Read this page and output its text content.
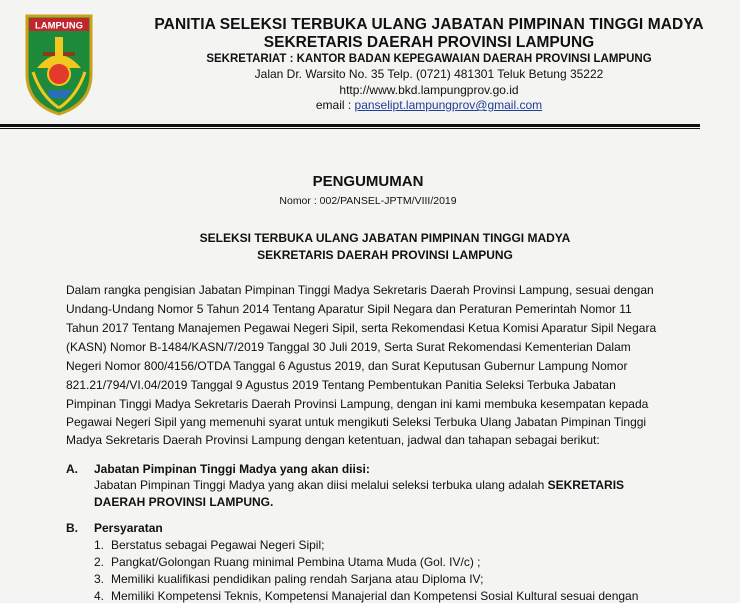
LAMPUNG	PANITIA SELEKSI TERBUKA ULANG JABATAN PIMPINAN TINGGI MADYA
SEKRETARIS DAERAH PROVINSI LAMPUNG
SEKRETARIAT : KANTOR BADAN KEPEGAWAIAN DAERAH PROVINSI LAMPUNG
Jalan Dr. Warsito No. 35 Telp. (0721) 481301 Teluk Betung 35222
http://www.bkd.lampungprov.go.id
email : panselipt.lampungprov@gmail.com
PENGUMUMAN
Nomor : 002/PANSEL-JPTM/VIII/2019
SELEKSI TERBUKA ULANG JABATAN PIMPINAN TINGGI MADYA
SEKRETARIS DAERAH PROVINSI LAMPUNG
Dalam rangka pengisian Jabatan Pimpinan Tinggi Madya Sekretaris Daerah Provinsi Lampung, sesuai dengan
Undang-Undang Nomor 5 Tahun 2014 Tentang Aparatur Sipil Negara dan Peraturan Pemerintah Nomor 11
Tahun 2017 Tentang Manajemen Pegawai Negeri Sipil, serta Rekomendasi Ketua Komisi Aparatur Sipil Negara
(KASN) Nomor B-1484/KASN/7/2019 Tanggal 30 Juli 2019, Serta Surat Rekomendasi Kementerian Dalam
Negeri Nomor 800/4156/OTDA Tanggal 6 Agustus 2019, dan Surat Keputusan Gubernur Lampung Nomor
821.21/794/VI.04/2019 Tanggal 9 Agustus 2019 Tentang Pembentukan Panitia Seleksi Terbuka Jabatan
Pimpinan Tinggi Madya Sekretaris Daerah Provinsi Lampung, dengan ini kami membuka kesempatan kepada
Pegawai Negeri Sipil yang memenuhi syarat untuk mengikuti Seleksi Terbuka Ulang Jabatan Pimpinan Tinggi
Madya Sekretaris Daerah Provinsi Lampung dengan ketentuan, jadwal dan tahapan sebagai berikut:
A. Jabatan Pimpinan Tinggi Madya yang akan diisi:
Jabatan Pimpinan Tinggi Madya yang akan diisi melalui seleksi terbuka ulang adalah SEKRETARIS
DAERAH PROVINSI LAMPUNG.
B. Persyaratan
1. Berstatus sebagai Pegawai Negeri Sipil;
2. Pangkat/Golongan Ruang minimal Pembina Utama Muda (Gol. IV/c) ;
3. Memiliki kualifikasi pendidikan paling rendah Sarjana atau Diploma IV;
4. Memiliki Kompetensi Teknis, Kompetensi Manajerial dan Kompetensi Sosial Kultural sesuai dengan
